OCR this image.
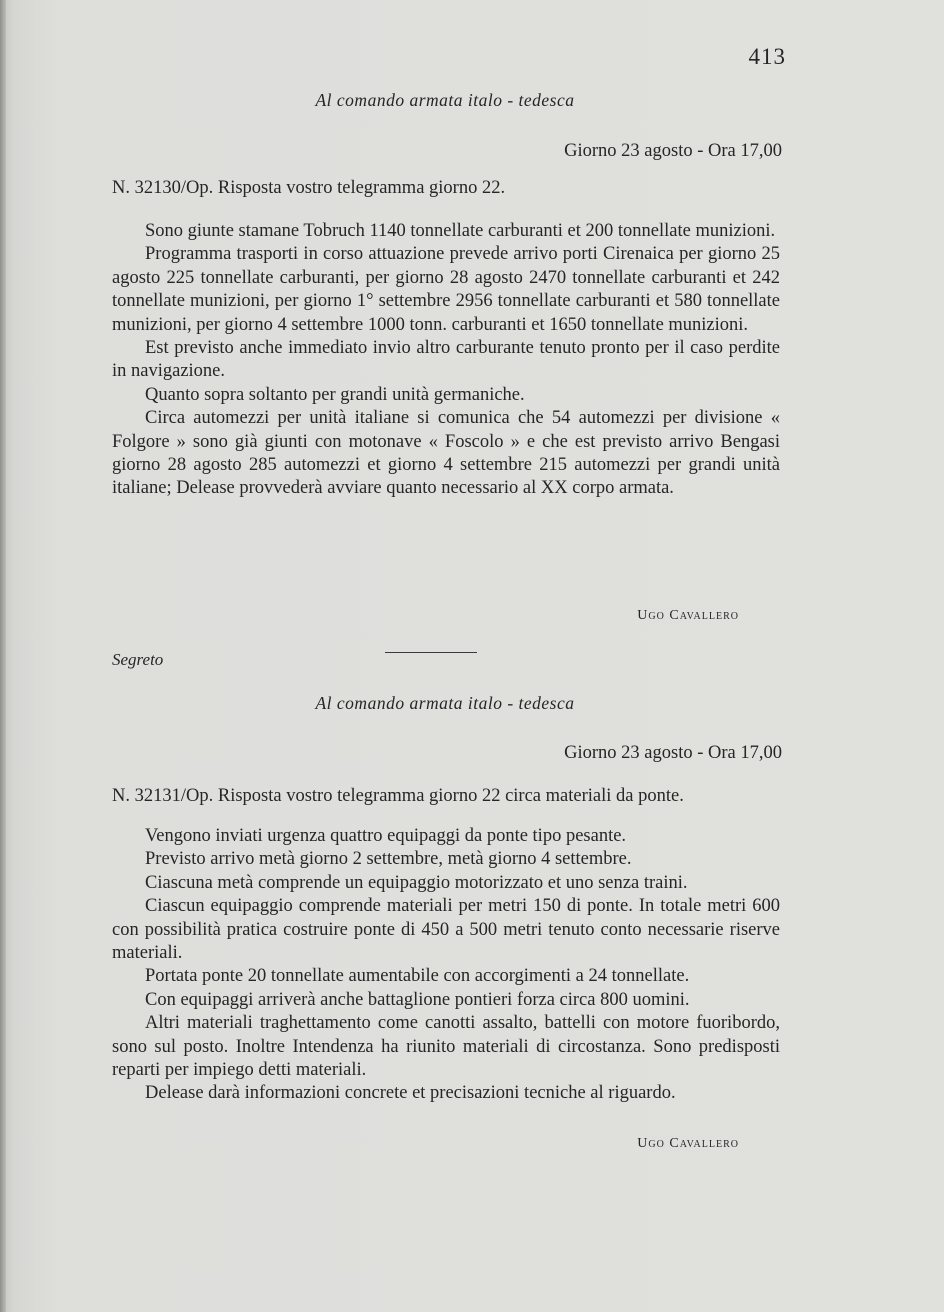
413
Al comando armata italo - tedesca
Giorno 23 agosto - Ora 17,00
N. 32130/Op. Risposta vostro telegramma giorno 22.

Sono giunte stamane Tobruch 1140 tonnellate carburanti et 200 tonnellate munizioni.

Programma trasporti in corso attuazione prevede arrivo porti Cirenaica per giorno 25 agosto 225 tonnellate carburanti, per giorno 28 agosto 2470 tonnellate carburanti et 242 tonnellate munizioni, per giorno 1° settembre 2956 tonnellate carburanti et 580 tonnellate munizioni, per giorno 4 settembre 1000 tonn. carburanti et 1650 tonnellate munizioni.

Est previsto anche immediato invio altro carburante tenuto pronto per il caso perdite in navigazione.

Quanto sopra soltanto per grandi unità germaniche.

Circa automezzi per unità italiane si comunica che 54 automezzi per divisione « Folgore » sono già giunti con motonave « Foscolo » e che est previsto arrivo Bengasi giorno 28 agosto 285 automezzi et giorno 4 settembre 215 automezzi per grandi unità italiane; Delease provvederà avviare quanto necessario al XX corpo armata.

Ugo Cavallero
Segreto
Al comando armata italo - tedesca
Giorno 23 agosto - Ora 17,00
N. 32131/Op. Risposta vostro telegramma giorno 22 circa materiali da ponte.

Vengono inviati urgenza quattro equipaggi da ponte tipo pesante.

Previsto arrivo metà giorno 2 settembre, metà giorno 4 settembre.

Ciascuna metà comprende un equipaggio motorizzato et uno senza traini.

Ciascun equipaggio comprende materiali per metri 150 di ponte. In totale metri 600 con possibilità pratica costruire ponte di 450 a 500 metri tenuto conto necessarie riserve materiali.

Portata ponte 20 tonnellate aumentabile con accorgimenti a 24 tonnellate.

Con equipaggi arriverà anche battaglione pontieri forza circa 800 uomini.

Altri materiali traghettamento come canotti assalto, battelli con motore fuoribordo, sono sul posto. Inoltre Intendenza ha riunito materiali di circostanza. Sono predisposti reparti per impiego detti materiali.

Delease darà informazioni concrete et precisazioni tecniche al riguardo.

Ugo Cavallero
